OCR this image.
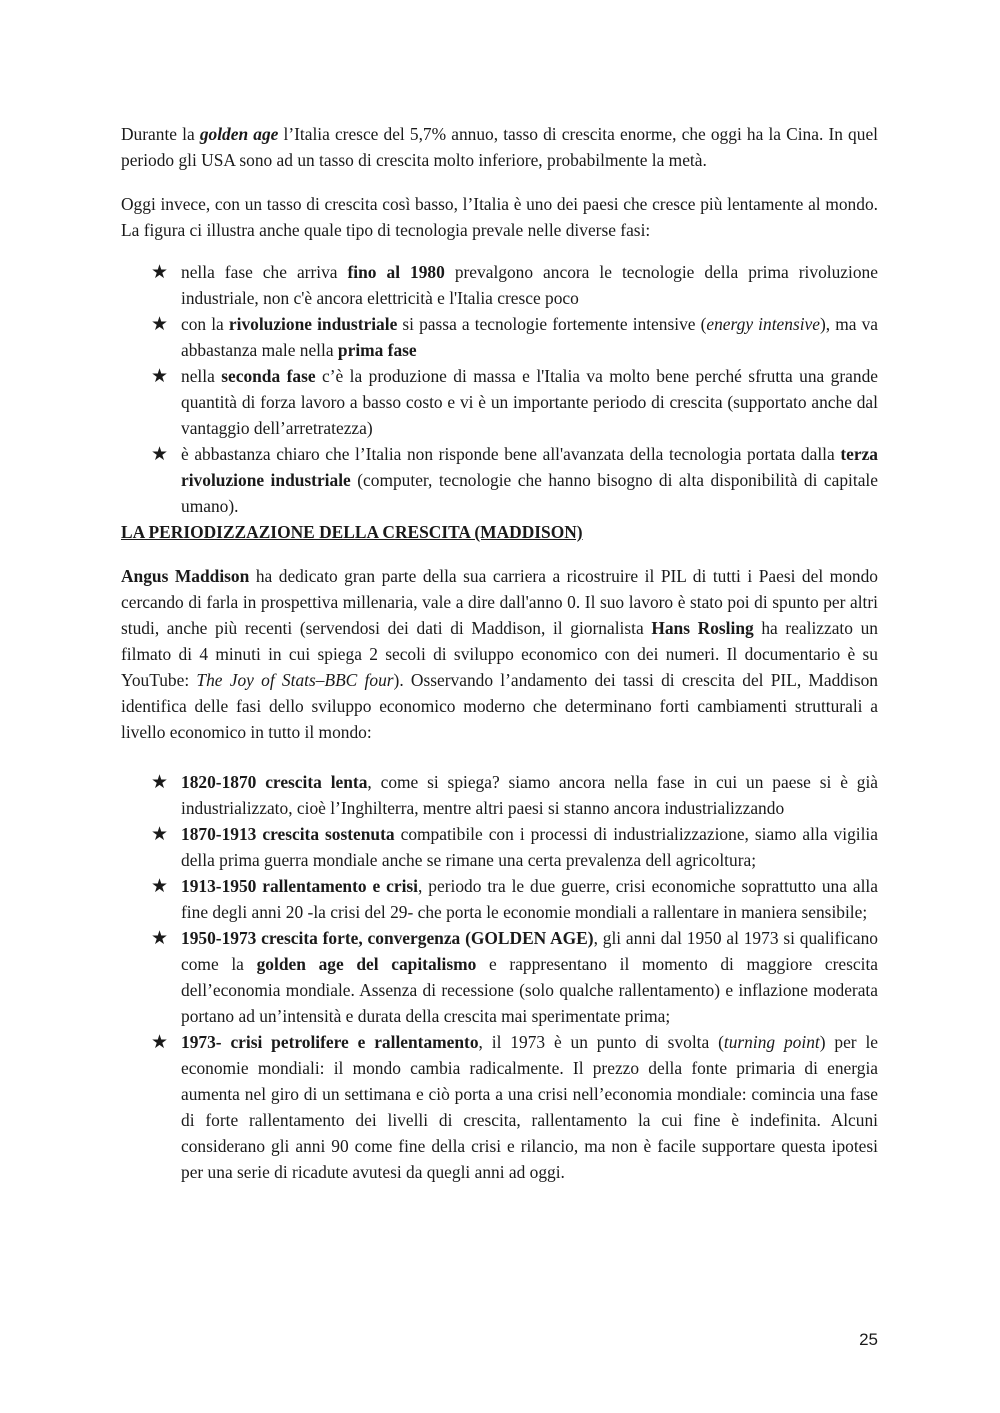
Durante la golden age l’Italia cresce del 5,7% annuo, tasso di crescita enorme, che oggi ha la Cina. In quel periodo gli USA sono ad un tasso di crescita molto inferiore, probabilmente la metà.

Oggi invece, con un tasso di crescita così basso, l’Italia è uno dei paesi che cresce più lentamente al mondo. La figura ci illustra anche quale tipo di tecnologia prevale nelle diverse fasi:

★ nella fase che arriva fino al 1980 prevalgono ancora le tecnologie della prima rivoluzione industriale, non c'è ancora elettricità e l'Italia cresce poco
★ con la rivoluzione industriale si passa a tecnologie fortemente intensive (energy intensive), ma va abbastanza male nella prima fase
★ nella seconda fase c’è la produzione di massa e l'Italia va molto bene perché sfrutta una grande quantità di forza lavoro a basso costo e vi è un importante periodo di crescita (supportato anche dal vantaggio dell’arretratezza)
★ è abbastanza chiaro che l’Italia non risponde bene all'avanzata della tecnologia portata dalla terza rivoluzione industriale (computer, tecnologie che hanno bisogno di alta disponibilità di capitale umano).

LA PERIODIZZAZIONE DELLA CRESCITA (MADDISON)

Angus Maddison ha dedicato gran parte della sua carriera a ricostruire il PIL di tutti i Paesi del mondo cercando di farla in prospettiva millenaria, vale a dire dall'anno 0. Il suo lavoro è stato poi di spunto per altri studi, anche più recenti (servendosi dei dati di Maddison, il giornalista Hans Rosling ha realizzato un filmato di 4 minuti in cui spiega 2 secoli di sviluppo economico con dei numeri. Il documentario è su YouTube: The Joy of Stats–BBC four). Osservando l’andamento dei tassi di crescita del PIL, Maddison identifica delle fasi dello sviluppo economico moderno che determinano forti cambiamenti strutturali a livello economico in tutto il mondo:

★ 1820-1870 crescita lenta, come si spiega? siamo ancora nella fase in cui un paese si è già industrializzato, cioè l’Inghilterra, mentre altri paesi si stanno ancora industrializzando
★ 1870-1913 crescita sostenuta compatibile con i processi di industrializzazione, siamo alla vigilia della prima guerra mondiale anche se rimane una certa prevalenza dell agricoltura;
★ 1913-1950 rallentamento e crisi, periodo tra le due guerre, crisi economiche soprattutto una alla fine degli anni 20 -la crisi del 29- che porta le economie mondiali a rallentare in maniera sensibile;
★ 1950-1973 crescita forte, convergenza (GOLDEN AGE), gli anni dal 1950 al 1973 si qualificano come la golden age del capitalismo e rappresentano il momento di maggiore crescita dell’economia mondiale. Assenza di recessione (solo qualche rallentamento) e inflazione moderata portano ad un’intensità e durata della crescita mai sperimentate prima;
★ 1973- crisi petrolifere e rallentamento, il 1973 è un punto di svolta (turning point) per le economie mondiali: il mondo cambia radicalmente. Il prezzo della fonte primaria di energia aumenta nel giro di un settimana e ciò porta a una crisi nell’economia mondiale: comincia una fase di forte rallentamento dei livelli di crescita, rallentamento la cui fine è indefinita. Alcuni considerano gli anni 90 come fine della crisi e rilancio, ma non è facile supportare questa ipotesi per una serie di ricadute avutesi da quegli anni ad oggi.
25
